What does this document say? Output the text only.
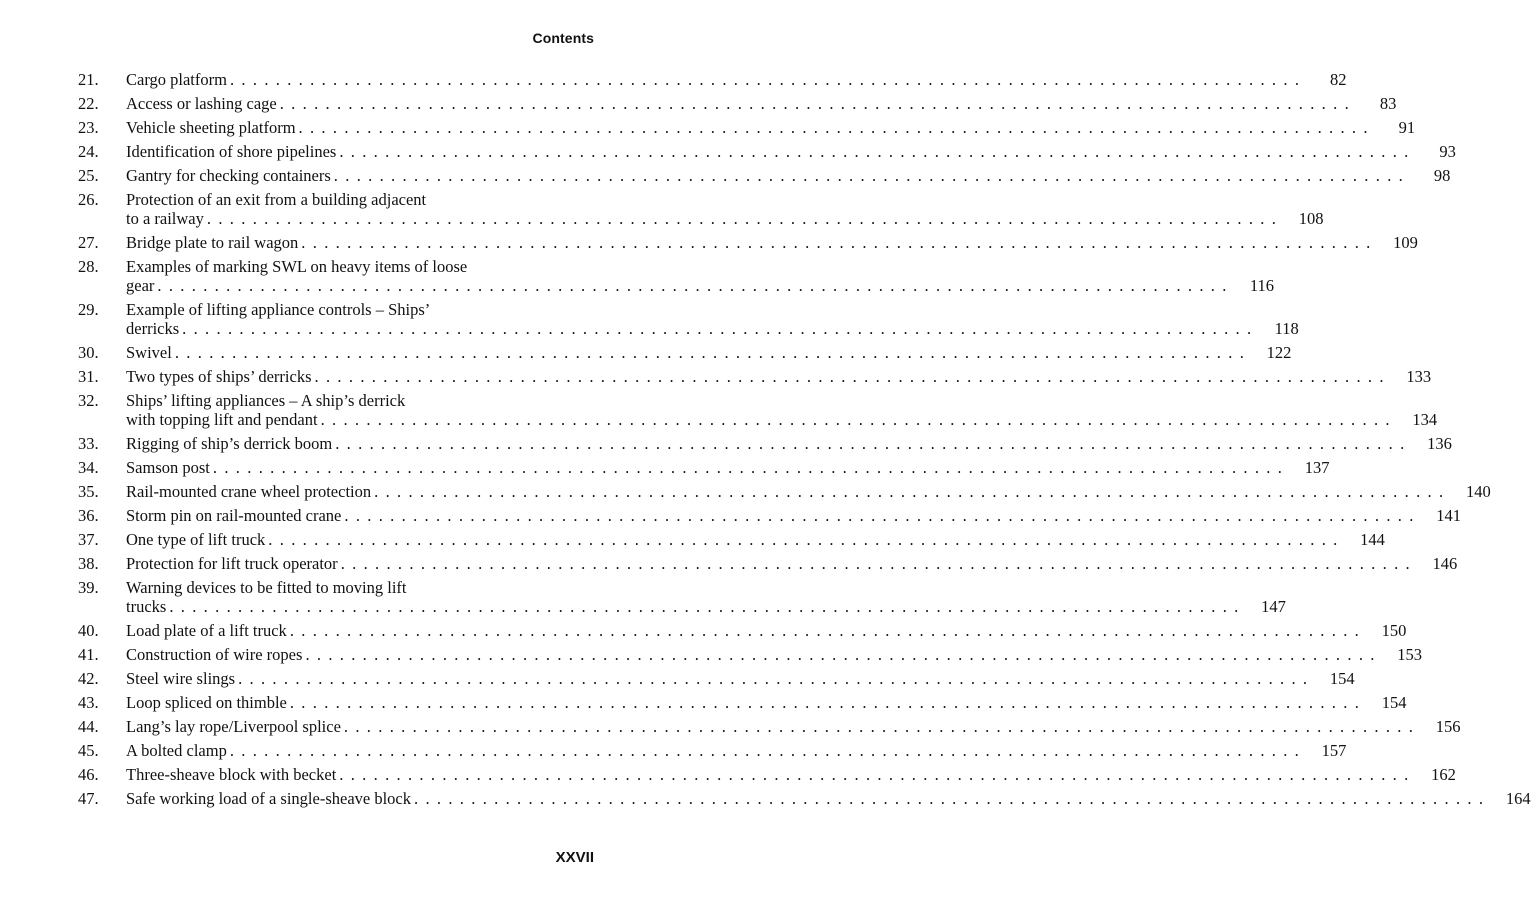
Contents
21.	Cargo platform . . .	82
22.	Access or lashing cage . . .	83
23.	Vehicle sheeting platform . . .	91
24.	Identification of shore pipelines . . .	93
25.	Gantry for checking containers . . .	98
26.	Protection of an exit from a building adjacent
to a railway . . .	108
27.	Bridge plate to rail wagon . . .	109
28.	Examples of marking SWL on heavy items of loose
gear . . .	116
29.	Example of lifting appliance controls – Ships’
derricks . . .	118
30.	Swivel . . .	122
31.	Two types of ships’ derricks . . .	133
32.	Ships’ lifting appliances – A ship’s derrick
with topping lift and pendant . . .	134
33.	Rigging of ship’s derrick boom . . .	136
34.	Samson post . . .	137
35.	Rail-mounted crane wheel protection . . .	140
36.	Storm pin on rail-mounted crane . . .	141
37.	One type of lift truck . . .	144
38.	Protection for lift truck operator . . .	146
39.	Warning devices to be fitted to moving lift
trucks . . .	147
40.	Load plate of a lift truck . . .	150
41.	Construction of wire ropes . . .	153
42.	Steel wire slings . . .	154
43.	Loop spliced on thimble . . .	154
44.	Lang’s lay rope/Liverpool splice . . .	156
45.	A bolted clamp . . .	157
46.	Three-sheave block with becket . . .	162
47.	Safe working load of a single-sheave block . . .	164
XXVII
